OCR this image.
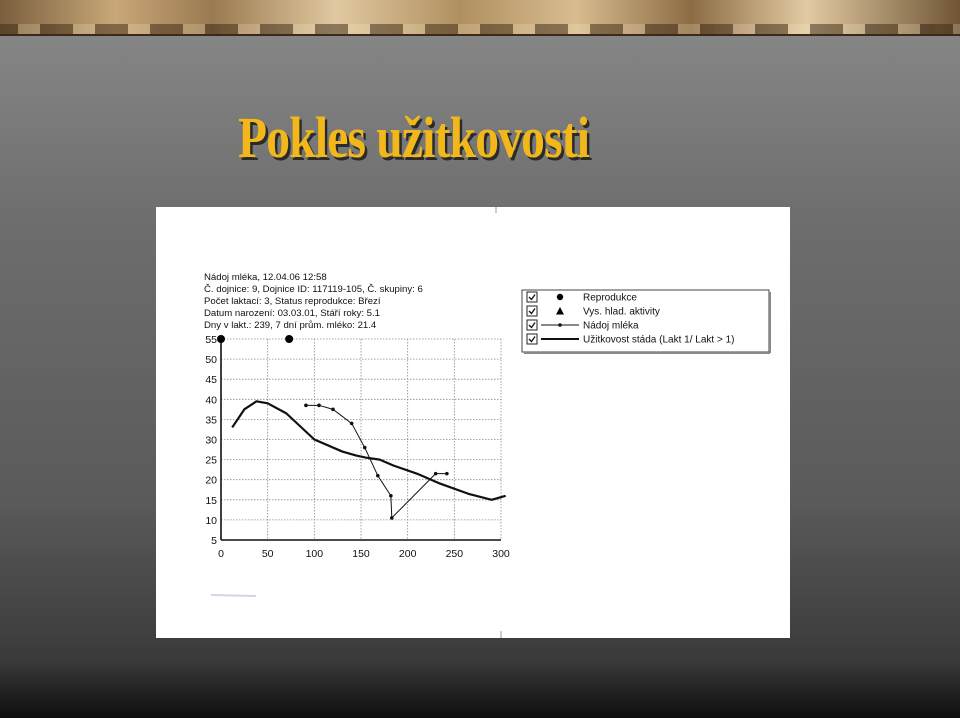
Pokles užitkovosti
Nádoj mléka, 12.04.06 12:58
Č. dojnice: 9, Dojnice ID: 117119-105, Č. skupiny: 6
Počet laktací: 3, Status reprodukce: Březí
Datum narození: 03.03.01, Stáří roky: 5.1
Dny v lakt.: 239, 7 dní prům. mléko: 21.4
5
10
15
20
25
30
35
40
45
50
55
0	50	100	150	200	250	300
Reprodukce
Vys. hlad. aktivity
Nádoj mléka
Užitkovost stáda (Lakt 1/ Lakt > 1)
